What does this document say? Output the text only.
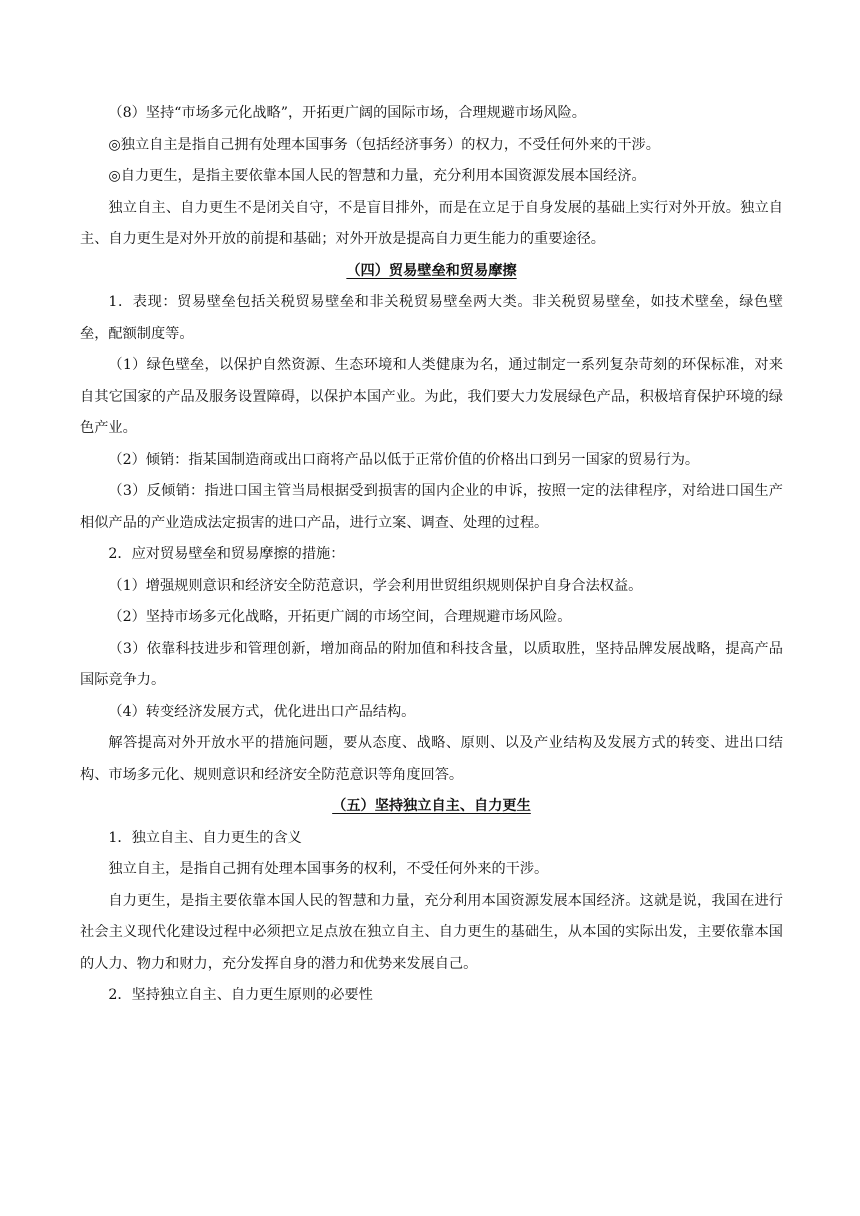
（8）坚持“市场多元化战略”，开拓更广阔的国际市场，合理规避市场风险。

◎独立自主是指自己拥有处理本国事务（包括经济事务）的权力，不受任何外来的干涉。

◎自力更生，是指主要依靠本国人民的智慧和力量，充分利用本国资源发展本国经济。

独立自主、自力更生不是闭关自守，不是盲目排外，而是在立足于自身发展的基础上实行对外开放。独立自主、自力更生是对外开放的前提和基础；对外开放是提高自力更生能力的重要途径。

（四）贸易壁垒和贸易摩擦

1．表现：贸易壁垒包括关税贸易壁垒和非关税贸易壁垒两大类。非关税贸易壁垒，如技术壁垒，绿色壁垒，配额制度等。

（1）绿色壁垒，以保护自然资源、生态环境和人类健康为名，通过制定一系列复杂苛刻的环保标准，对来自其它国家的产品及服务设置障碍，以保护本国产业。为此，我们要大力发展绿色产品，积极培育保护环境的绿色产业。

（2）倾销：指某国制造商或出口商将产品以低于正常价值的价格出口到另一国家的贸易行为。

（3）反倾销：指进口国主管当局根据受到损害的国内企业的申诉，按照一定的法律程序，对给进口国生产相似产品的产业造成法定损害的进口产品，进行立案、调查、处理的过程。

2．应对贸易壁垒和贸易摩擦的措施：

（1）增强规则意识和经济安全防范意识，学会利用世贸组织规则保护自身合法权益。

（2）坚持市场多元化战略，开拓更广阔的市场空间，合理规避市场风险。

（3）依靠科技进步和管理创新，增加商品的附加值和科技含量，以质取胜，坚持品牌发展战略，提高产品国际竞争力。

（4）转变经济发展方式，优化进出口产品结构。

解答提高对外开放水平的措施问题，要从态度、战略、原则、以及产业结构及发展方式的转变、进出口结构、市场多元化、规则意识和经济安全防范意识等角度回答。

（五）坚持独立自主、自力更生

1．独立自主、自力更生的含义

独立自主，是指自己拥有处理本国事务的权利，不受任何外来的干涉。

自力更生，是指主要依靠本国人民的智慧和力量，充分利用本国资源发展本国经济。这就是说，我国在进行社会主义现代化建设过程中必须把立足点放在独立自主、自力更生的基础生，从本国的实际出发，主要依靠本国的人力、物力和财力，充分发挥自身的潜力和优势来发展自己。

2．坚持独立自主、自力更生原则的必要性
